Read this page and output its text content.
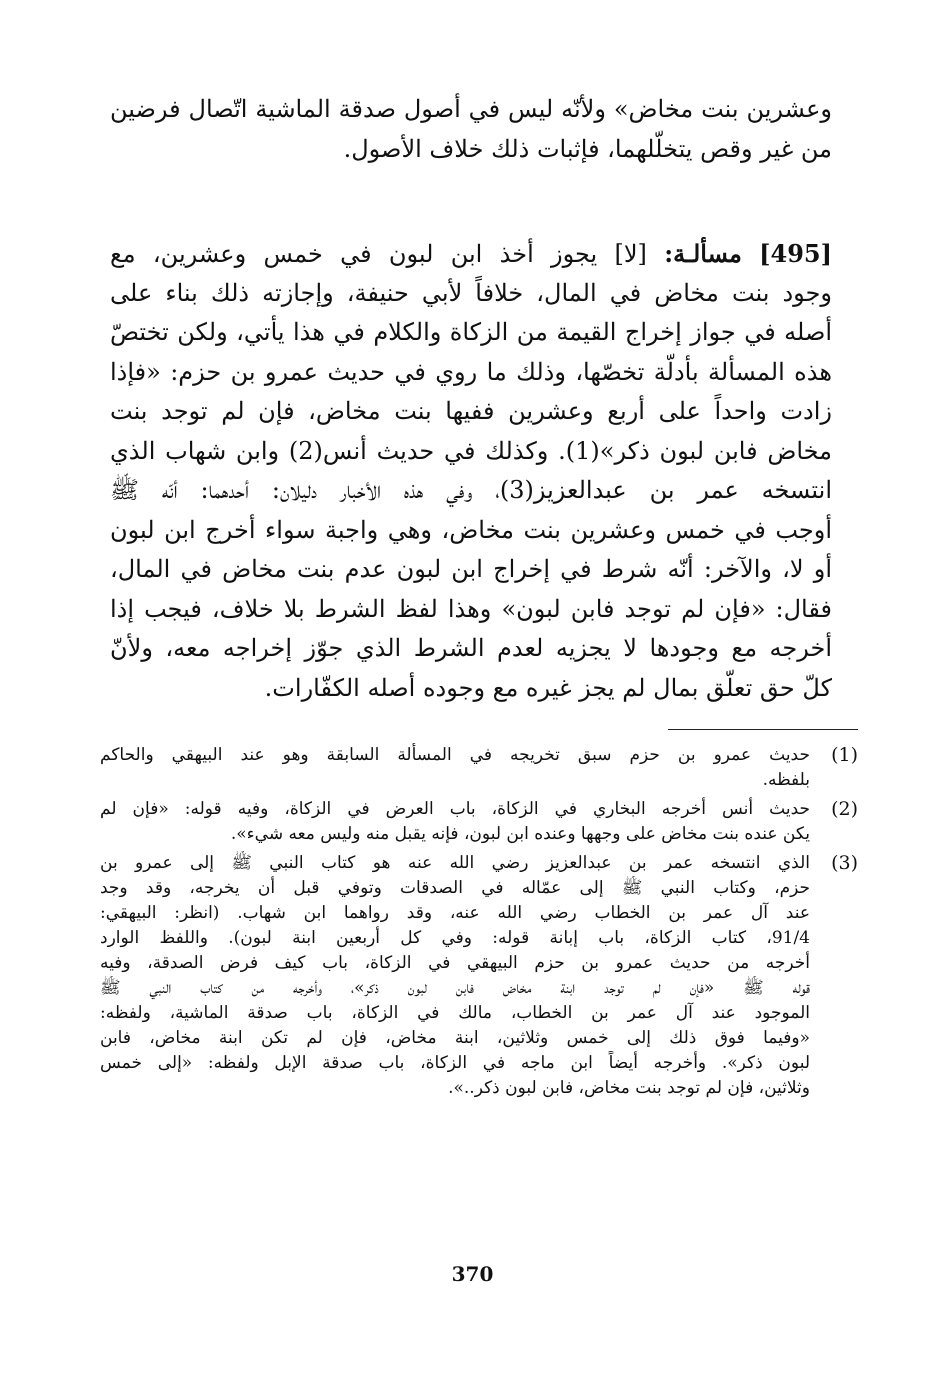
وعشرين بنت مخاض» ولأنّه ليس في أصول صدقة الماشية اتّصال فرضين
من غير وقص يتخلّلهما، فإثبات ذلك خلاف الأصول.
[495] مسألـة: [لا] يجوز أخذ ابن لبون في خمس وعشرين، مع
وجود بنت مخاض في المال، خلافاً لأبي حنيفة، وإجازته ذلك بناء على
أصله في جواز إخراج القيمة من الزكاة والكلام في هذا يأتي، ولكن تختصّ
هذه المسألة بأدلّة تخصّها، وذلك ما روي في حديث عمرو بن حزم: «فإذا
زادت واحداً على أربع وعشرين ففيها بنت مخاض، فإن لم توجد بنت
مخاض فابن لبون ذكر»(1). وكذلك في حديث أنس(2) وابن شهاب الذي
انتسخه عمر بن عبدالعزيز(3)، وفي هذه الأخبار دليلان: أحدهما: أنّه ﷺ
أوجب في خمس وعشرين بنت مخاض، وهي واجبة سواء أخرج ابن لبون
أو لا، والآخر: أنّه شرط في إخراج ابن لبون عدم بنت مخاض في المال،
فقال: «فإن لم توجد فابن لبون» وهذا لفظ الشرط بلا خلاف، فيجب إذا
أخرجه مع وجودها لا يجزيه لعدم الشرط الذي جوّز إخراجه معه، ولأنّ
كلّ حق تعلّق بمال لم يجز غيره مع وجوده أصله الكفّارات.
(1)
حديث عمرو بن حزم سبق تخريجه في المسألة السابقة وهو عند البيهقي والحاكم
بلفظه.
(2)
حديث أنس أخرجه البخاري في الزكاة، باب العرض في الزكاة، وفيه قوله: «فإن لم
يكن عنده بنت مخاض على وجهها وعنده ابن لبون، فإنه يقبل منه وليس معه شيء».
(3)
الذي انتسخه عمر بن عبدالعزيز رضي الله عنه هو كتاب النبي ﷺ إلى عمرو بن
حزم، وكتاب النبي ﷺ إلى عمّاله في الصدقات وتوفي قبل أن يخرجه، وقد وجد
عند آل عمر بن الخطاب رضي الله عنه، وقد رواهما ابن شهاب. (انظر: البيهقي:
91/4، كتاب الزكاة، باب إبانة قوله: وفي كل أربعين ابنة لبون). واللفظ الوارد
أخرجه من حديث عمرو بن حزم البيهقي في الزكاة، باب كيف فرض الصدقة، وفيه
قوله ﷺ «فإن لم توجد ابنة مخاض فابن لبون ذكر»، وأخرجه من كتاب النبي ﷺ
الموجود عند آل عمر بن الخطاب، مالك في الزكاة، باب صدقة الماشية، ولفظه:
«وفيما فوق ذلك إلى خمس وثلاثين، ابنة مخاض، فإن لم تكن ابنة مخاض، فابن
لبون ذكر». وأخرجه أيضاً ابن ماجه في الزكاة، باب صدقة الإبل ولفظه: «إلى خمس
وثلاثين، فإن لم توجد بنت مخاض، فابن لبون ذكر..».
370
